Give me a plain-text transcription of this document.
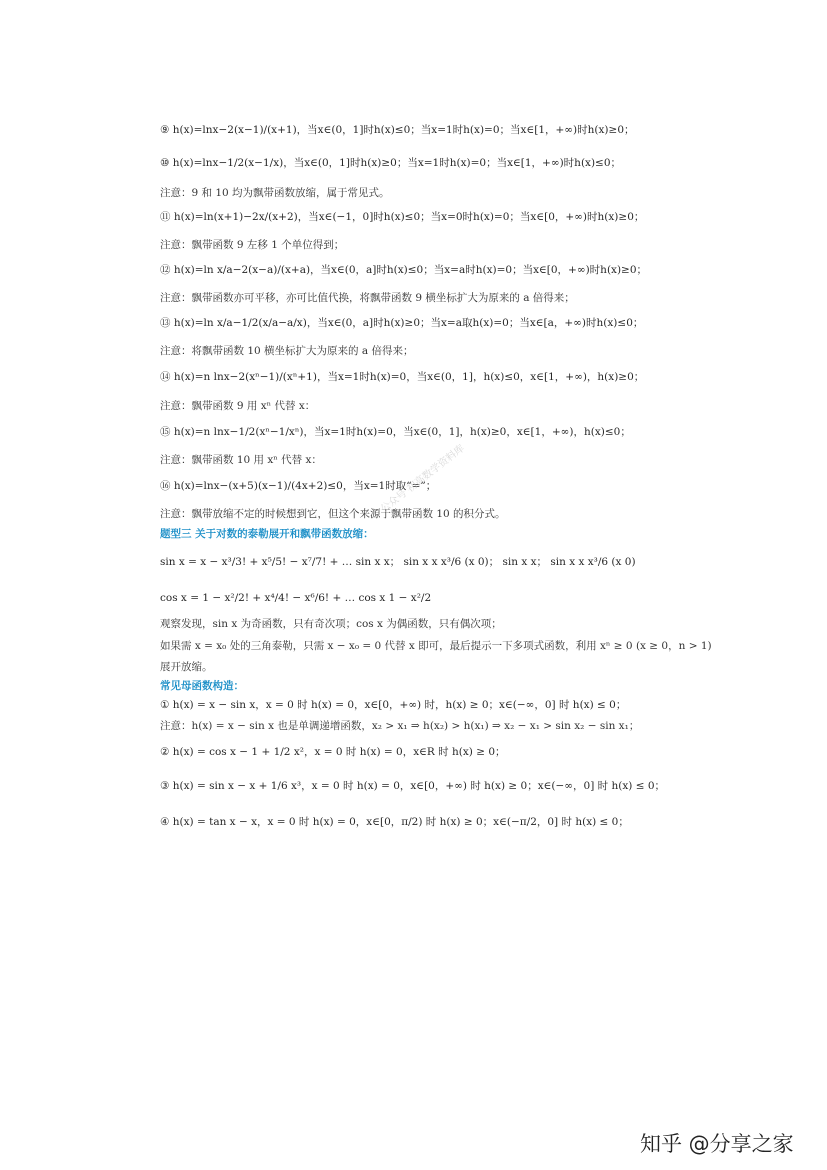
⑨ h(x)=lnx−2(x−1)/(x+1)，当x∈(0，1]时h(x)≤0；当x=1时h(x)=0；当x∈[1，+∞)时h(x)≥0；
⑩ h(x)=lnx−1/2(x−1/x)，当x∈(0，1]时h(x)≥0；当x=1时h(x)=0；当x∈[1，+∞)时h(x)≤0；
注意：9 和 10 均为飘带函数放缩，属于常见式。
⑪ h(x)=ln(x+1)−2x/(x+2)，当x∈(−1，0]时h(x)≤0；当x=0时h(x)=0；当x∈[0，+∞)时h(x)≥0；
注意：飘带函数 9 左移 1 个单位得到；
⑫ h(x)=ln x/a−2(x−a)/(x+a)，当x∈(0，a]时h(x)≤0；当x=a时h(x)=0；当x∈[0，+∞)时h(x)≥0；
注意：飘带函数亦可平移，亦可比值代换，将飘带函数 9 横坐标扩大为原来的 a 倍得来；
⑬ h(x)=ln x/a−1/2(x/a−a/x)，当x∈(0，a]时h(x)≥0；当x=a取h(x)=0；当x∈[a，+∞)时h(x)≤0；
注意：将飘带函数 10 横坐标扩大为原来的 a 倍得来；
⑭ h(x)=n lnx−2(xⁿ−1)/(xⁿ+1)，当x=1时h(x)=0，当x∈(0，1]，h(x)≤0，x∈[1，+∞)，h(x)≥0；
注意：飘带函数 9 用 xⁿ 代替 x：
⑮ h(x)=n lnx−1/2(xⁿ−1/xⁿ)，当x=1时h(x)=0，当x∈(0，1]，h(x)≥0，x∈[1，+∞)，h(x)≤0；
注意：飘带函数 10 用 xⁿ 代替 x：
⑯ h(x)=lnx−(x+5)(x−1)/(4x+2)≤0，当x=1时取“=”；
注意：飘带放缩不定的时候想到它，但这个来源于飘带函数 10 的积分式。
题型三 关于对数的泰勒展开和飘带函数放缩：
sin x = x − x³/3! + x⁵/5! − x⁷/7! + … sin x x； sin x x x³/6 (x 0)； sin x x； sin x x x³/6 (x 0)
cos x = 1 − x²/2! + x⁴/4! − x⁶/6! + … cos x 1 − x²/2
观察发现，sin x 为奇函数，只有奇次项；cos x 为偶函数，只有偶次项；
如果需 x = x₀ 处的三角泰勒，只需 x − x₀ = 0 代替 x 即可，最后提示一下多项式函数，利用 xⁿ ≥ 0 (x ≥ 0，n > 1)
展开放缩。
常见母函数构造：
① h(x) = x − sin x，x = 0 时 h(x) = 0，x∈[0，+∞) 时，h(x) ≥ 0；x∈(−∞，0] 时 h(x) ≤ 0；
注意：h(x) = x − sin x 也是单调递增函数，x₂ > x₁ ⇒ h(x₂) > h(x₁) ⇒ x₂ − x₁ > sin x₂ − sin x₁；
② h(x) = cos x − 1 + 1/2 x²，x = 0 时 h(x) = 0，x∈R 时 h(x) ≥ 0；
③ h(x) = sin x − x + 1/6 x³，x = 0 时 h(x) = 0，x∈[0，+∞) 时 h(x) ≥ 0；x∈(−∞，0] 时 h(x) ≤ 0；
④ h(x) = tan x − x，x = 0 时 h(x) = 0，x∈[0，π/2) 时 h(x) ≥ 0；x∈(−π/2，0] 时 h(x) ≤ 0；
公众号 初高数学资料库
知乎 @分享之家
